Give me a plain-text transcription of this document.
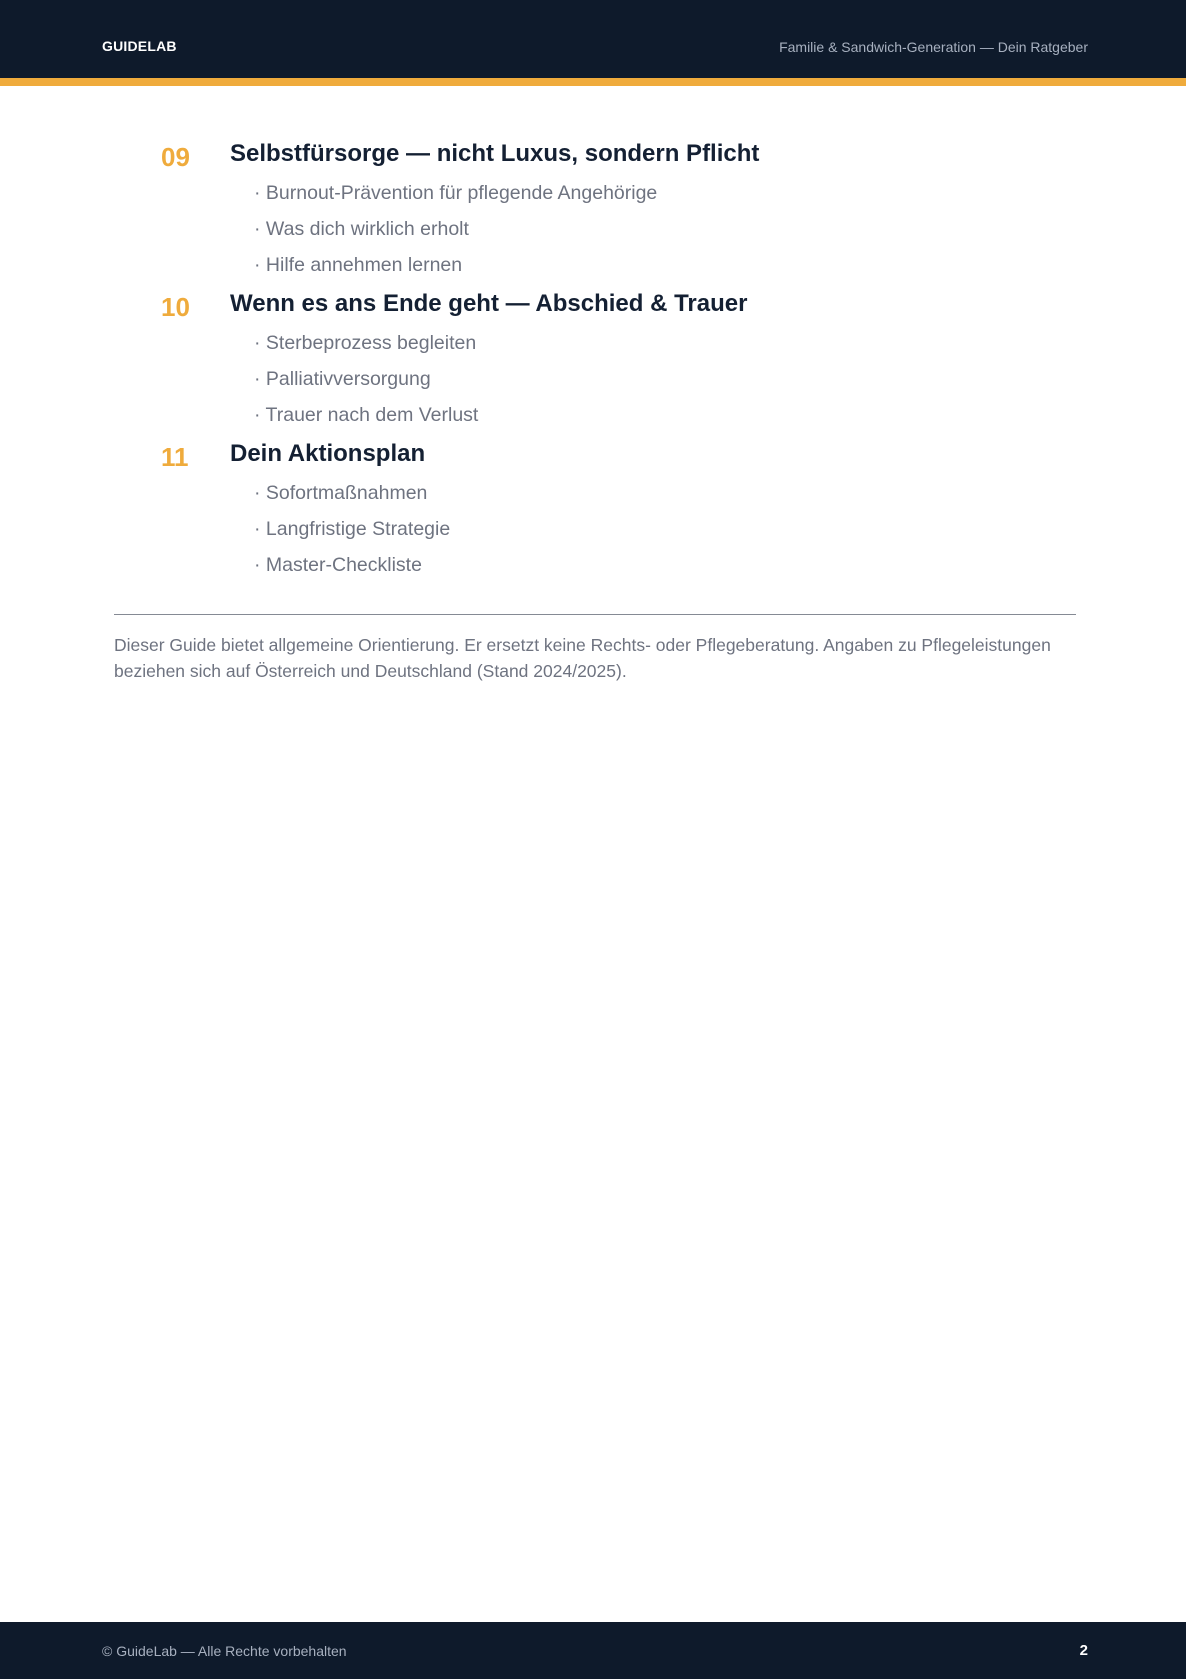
GUIDELAB	Familie & Sandwich-Generation — Dein Ratgeber
09 Selbstfürsorge — nicht Luxus, sondern Pflicht
· Burnout-Prävention für pflegende Angehörige
· Was dich wirklich erholt
· Hilfe annehmen lernen
10 Wenn es ans Ende geht — Abschied & Trauer
· Sterbeprozess begleiten
· Palliativversorgung
· Trauer nach dem Verlust
11 Dein Aktionsplan
· Sofortmaßnahmen
· Langfristige Strategie
· Master-Checkliste

Dieser Guide bietet allgemeine Orientierung. Er ersetzt keine Rechts- oder Pflegeberatung. Angaben zu Pflegeleistungen beziehen sich auf Österreich und Deutschland (Stand 2024/2025).

© GuideLab — Alle Rechte vorbehalten	2
